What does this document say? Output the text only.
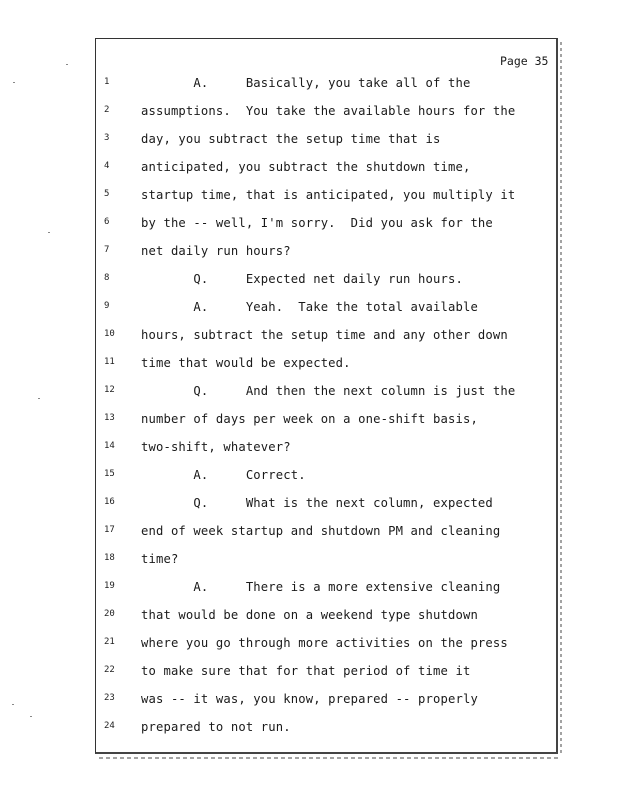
Page 35
1	A.     Basically, you take all of the
2	assumptions.  You take the available hours for the
3	day, you subtract the setup time that is
4	anticipated, you subtract the shutdown time,
5	startup time, that is anticipated, you multiply it
6	by the -- well, I'm sorry.  Did you ask for the
7	net daily run hours?
8	Q.     Expected net daily run hours.
9	A.     Yeah.  Take the total available
10	hours, subtract the setup time and any other down
11	time that would be expected.
12	Q.     And then the next column is just the
13	number of days per week on a one-shift basis,
14	two-shift, whatever?
15	A.     Correct.
16	Q.     What is the next column, expected
17	end of week startup and shutdown PM and cleaning
18	time?
19	A.     There is a more extensive cleaning
20	that would be done on a weekend type shutdown
21	where you go through more activities on the press
22	to make sure that for that period of time it
23	was -- it was, you know, prepared -- properly
24	prepared to not run.
